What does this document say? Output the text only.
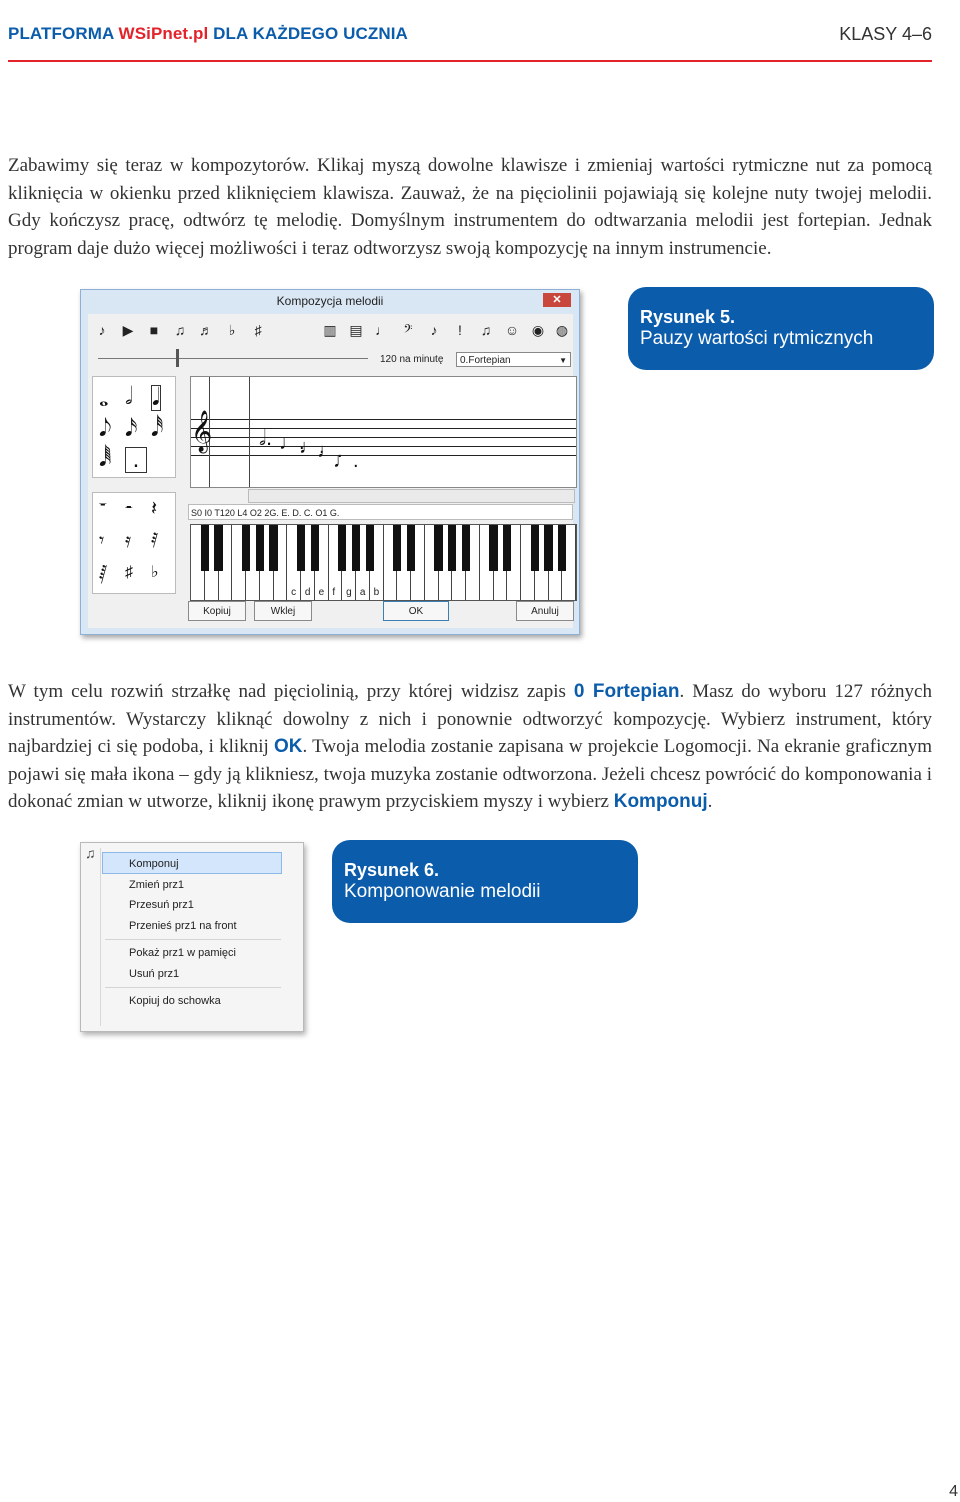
PLATFORMA WSiPnet.pl DLA KAŻDEGO UCZNIA	KLASY 4–6

Zabawimy się teraz w kompozytorów. Klikaj myszą dowolne klawisze i zmieniaj wartości rytmiczne nut za pomocą kliknięcia w okienku przed kliknięciem klawisza. Zauważ, że na pięciolinii pojawiają się kolejne nuty twojej melodii. Gdy kończysz pracę, odtwórz tę melodię. Domyślnym instrumentem do odtwarzania melodii jest fortepian. Jednak program daje dużo więcej możliwości i teraz odtworzysz swoją kompozycję na innym instrumencie.

Kompozycja melodii	✕
♪	▶	■	♫ ♬	♭	♯	▥ ▤ ♩	𝄢	♪	!	♫ ☺ ◉ ◍
120 na minutę	0.Fortepian	▼
𝅝 𝅗𝅥 𝅘𝅥
𝅘𝅥𝅮 𝅘𝅥𝅯 𝅘𝅥𝅰
𝅘𝅥𝅱 .
𝄞 𝅗𝅥. ♩.
♩.
♩.
♩.
𝄻 𝄼 𝄽
𝄾 𝄿 𝅀
𝅁 ♯ ♭
S0 I0 T120 L4 O2 2G. E. D. C. O1 G.
c d e f g a b
Kopiuj	Wklej	OK	Anuluj
Rysunek 5.
Pauzy wartości rytmicznych

W tym celu rozwiń strzałkę nad pięciolinią, przy której widzisz zapis 0 Fortepian. Masz do wyboru 127 różnych instrumentów. Wystarczy kliknąć dowolny z nich i ponownie odtworzyć kompozycję. Wybierz instrument, który najbardziej ci się podoba, i kliknij OK. Twoja melodia zostanie zapisana w projekcie Logomocji. Na ekranie graficznym pojawi się mała ikona – gdy ją klikniesz, twoja muzyka zostanie odtworzona. Jeżeli chcesz powrócić do komponowania i dokonać zmian w utworze, kliknij ikonę prawym przyciskiem myszy i wybierz Komponuj.

♫
Komponuj
Zmień prz1
Przesuń prz1
Przenieś prz1 na front
Pokaż prz1 w pamięci
Usuń prz1
Kopiuj do schowka
Rysunek 6.
Komponowanie melodii
4
